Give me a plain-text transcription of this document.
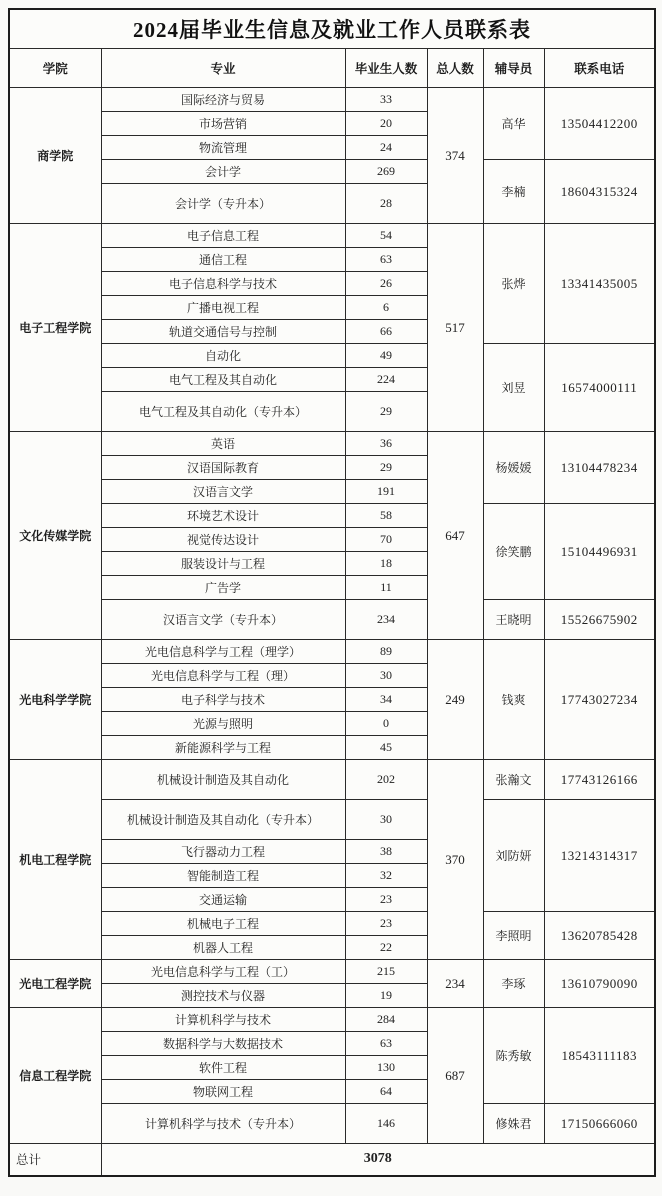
2024届毕业生信息及就业工作人员联系表					
学院	专业	毕业生人数	总人数	辅导员	联系电话
商学院	国际经济与贸易	33	374	高华	13504412200
	市场营销	20			
	物流管理	24			
	会计学	269		李楠	18604315324
	会计学（专升本）	28			
电子工程学院	电子信息工程	54	517	张烨	13341435005
	通信工程	63			
	电子信息科学与技术	26			
	广播电视工程	6			
	轨道交通信号与控制	66			
	自动化	49		刘昱	16574000111
	电气工程及其自动化	224			
	电气工程及其自动化（专升本）	29			
文化传媒学院	英语	36	647	杨媛媛	13104478234
	汉语国际教育	29			
	汉语言文学	191			
	环境艺术设计	58		徐笑鹏	15104496931
	视觉传达设计	70			
	服装设计与工程	18			
	广告学	11			
	汉语言文学（专升本）	234		王晓明	15526675902
光电科学学院	光电信息科学与工程（理学）	89	249	钱爽	17743027234
	光电信息科学与工程（理）	30			
	电子科学与技术	34			
	光源与照明	0			
	新能源科学与工程	45			
机电工程学院	机械设计制造及其自动化	202	370	张瀚文	17743126166
	机械设计制造及其自动化（专升本）	30		刘防妍	13214314317
	飞行器动力工程	38			
	智能制造工程	32			
	交通运输	23			
	机械电子工程	23		李照明	13620785428
	机器人工程	22			
光电工程学院	光电信息科学与工程（工）	215	234	李琢	13610790090
	测控技术与仪器	19			
信息工程学院	计算机科学与技术	284	687	陈秀敏	18543111183
	数据科学与大数据技术	63			
	软件工程	130			
	物联网工程	64			
	计算机科学与技术（专升本）	146		修姝君	17150666060
总计	3078				
